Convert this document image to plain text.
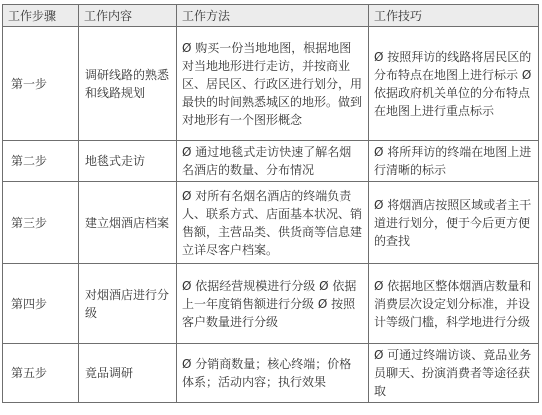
工作步骤	工作内容	工作方法	工作技巧
第一步	调研线路的熟悉和线路规划	Ø 购买一份当地地图，根据地图对当地地形进行走访，并按商业区、居民区、行政区进行划分，用最快的时间熟悉城区的地形。做到对地形有一个图形概念	Ø 按照拜访的线路将居民区的分布特点在地图上进行标示 Ø 依据政府机关单位的分布特点在地图上进行重点标示
第二步	地毯式走访	Ø 通过地毯式走访快速了解名烟名酒店的数量、分布情况	Ø 将所拜访的终端在地图上进行清晰的标示
第三步	建立烟酒店档案	Ø 对所有名烟名酒店的终端负责人、联系方式、店面基本状况、销售额，主营品类、供货商等信息建立详尽客户档案。	Ø 将烟酒店按照区域或者主干道进行划分，便于今后更方便的查找
第四步	对烟酒店进行分级	Ø 依据经营规模进行分级 Ø 依据上一年度销售额进行分级 Ø 按照客户数量进行分级	Ø 依据地区整体烟酒店数量和消费层次设定划分标准，并设计等级门槛，科学地进行分级
第五步	竟品调研	Ø 分销商数量；核心终端；价格体系；活动内容；执行效果	Ø 可通过终端访谈、竟品业务员聊天、扮演消费者等途径获取
